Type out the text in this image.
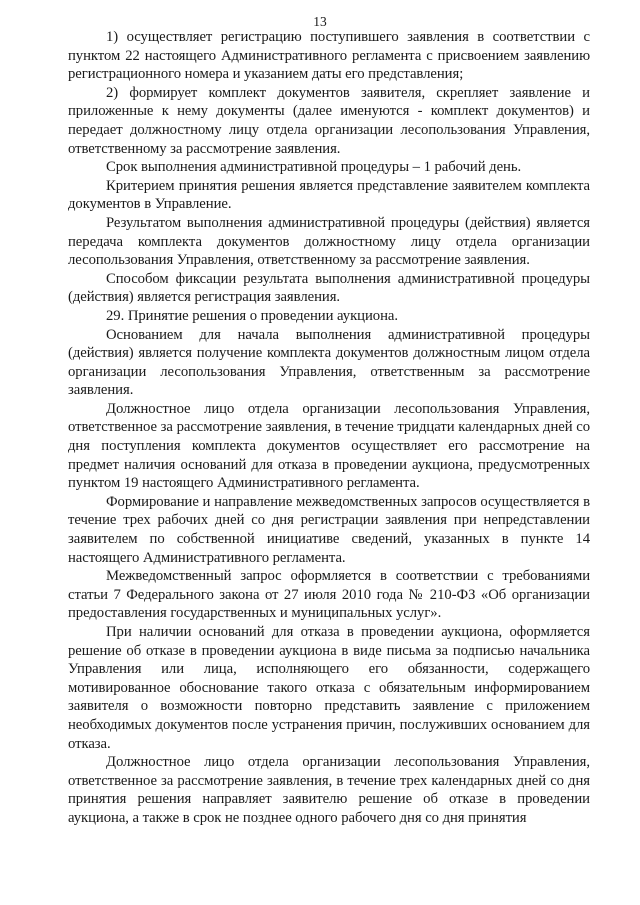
13

1) осуществляет регистрацию поступившего заявления в соответствии с пунктом 22 настоящего Административного регламента с присвоением заявлению регистрационного номера и указанием даты его представления;

2) формирует комплект документов заявителя, скрепляет заявление и приложенные к нему документы (далее именуются - комплект документов) и передает должностному лицу отдела организации лесопользования Управления, ответственному за рассмотрение заявления.

Срок выполнения административной процедуры – 1 рабочий день.

Критерием принятия решения является представление заявителем комплекта документов в Управление.

Результатом выполнения административной процедуры (действия) является передача комплекта документов должностному лицу отдела организации лесопользования Управления, ответственному за рассмотрение заявления.

Способом фиксации результата выполнения административной процедуры (действия) является регистрация заявления.

29. Принятие решения о проведении аукциона.

Основанием для начала выполнения административной процедуры (действия) является получение комплекта документов должностным лицом отдела организации лесопользования Управления, ответственным за рассмотрение заявления.

Должностное лицо отдела организации лесопользования Управления, ответственное за рассмотрение заявления, в течение тридцати календарных дней со дня поступления комплекта документов осуществляет его рассмотрение на предмет наличия оснований для отказа в проведении аукциона, предусмотренных пунктом 19 настоящего Административного регламента.

Формирование и направление межведомственных запросов осуществляется в течение трех рабочих дней со дня регистрации заявления при непредставлении заявителем по собственной инициативе сведений, указанных в пункте 14 настоящего Административного регламента.

Межведомственный запрос оформляется в соответствии с требованиями статьи 7 Федерального закона от 27 июля 2010 года № 210-ФЗ «Об организации предоставления государственных и муниципальных услуг».

При наличии оснований для отказа в проведении аукциона, оформляется решение об отказе в проведении аукциона в виде письма за подписью начальника Управления или лица, исполняющего его обязанности, содержащего мотивированное обоснование такого отказа с обязательным информированием заявителя о возможности повторно представить заявление с приложением необходимых документов после устранения причин, послуживших основанием для отказа.

Должностное лицо отдела организации лесопользования Управления, ответственное за рассмотрение заявления, в течение трех календарных дней со дня принятия решения направляет заявителю решение об отказе в проведении аукциона, а также в срок не позднее одного рабочего дня со дня принятия
